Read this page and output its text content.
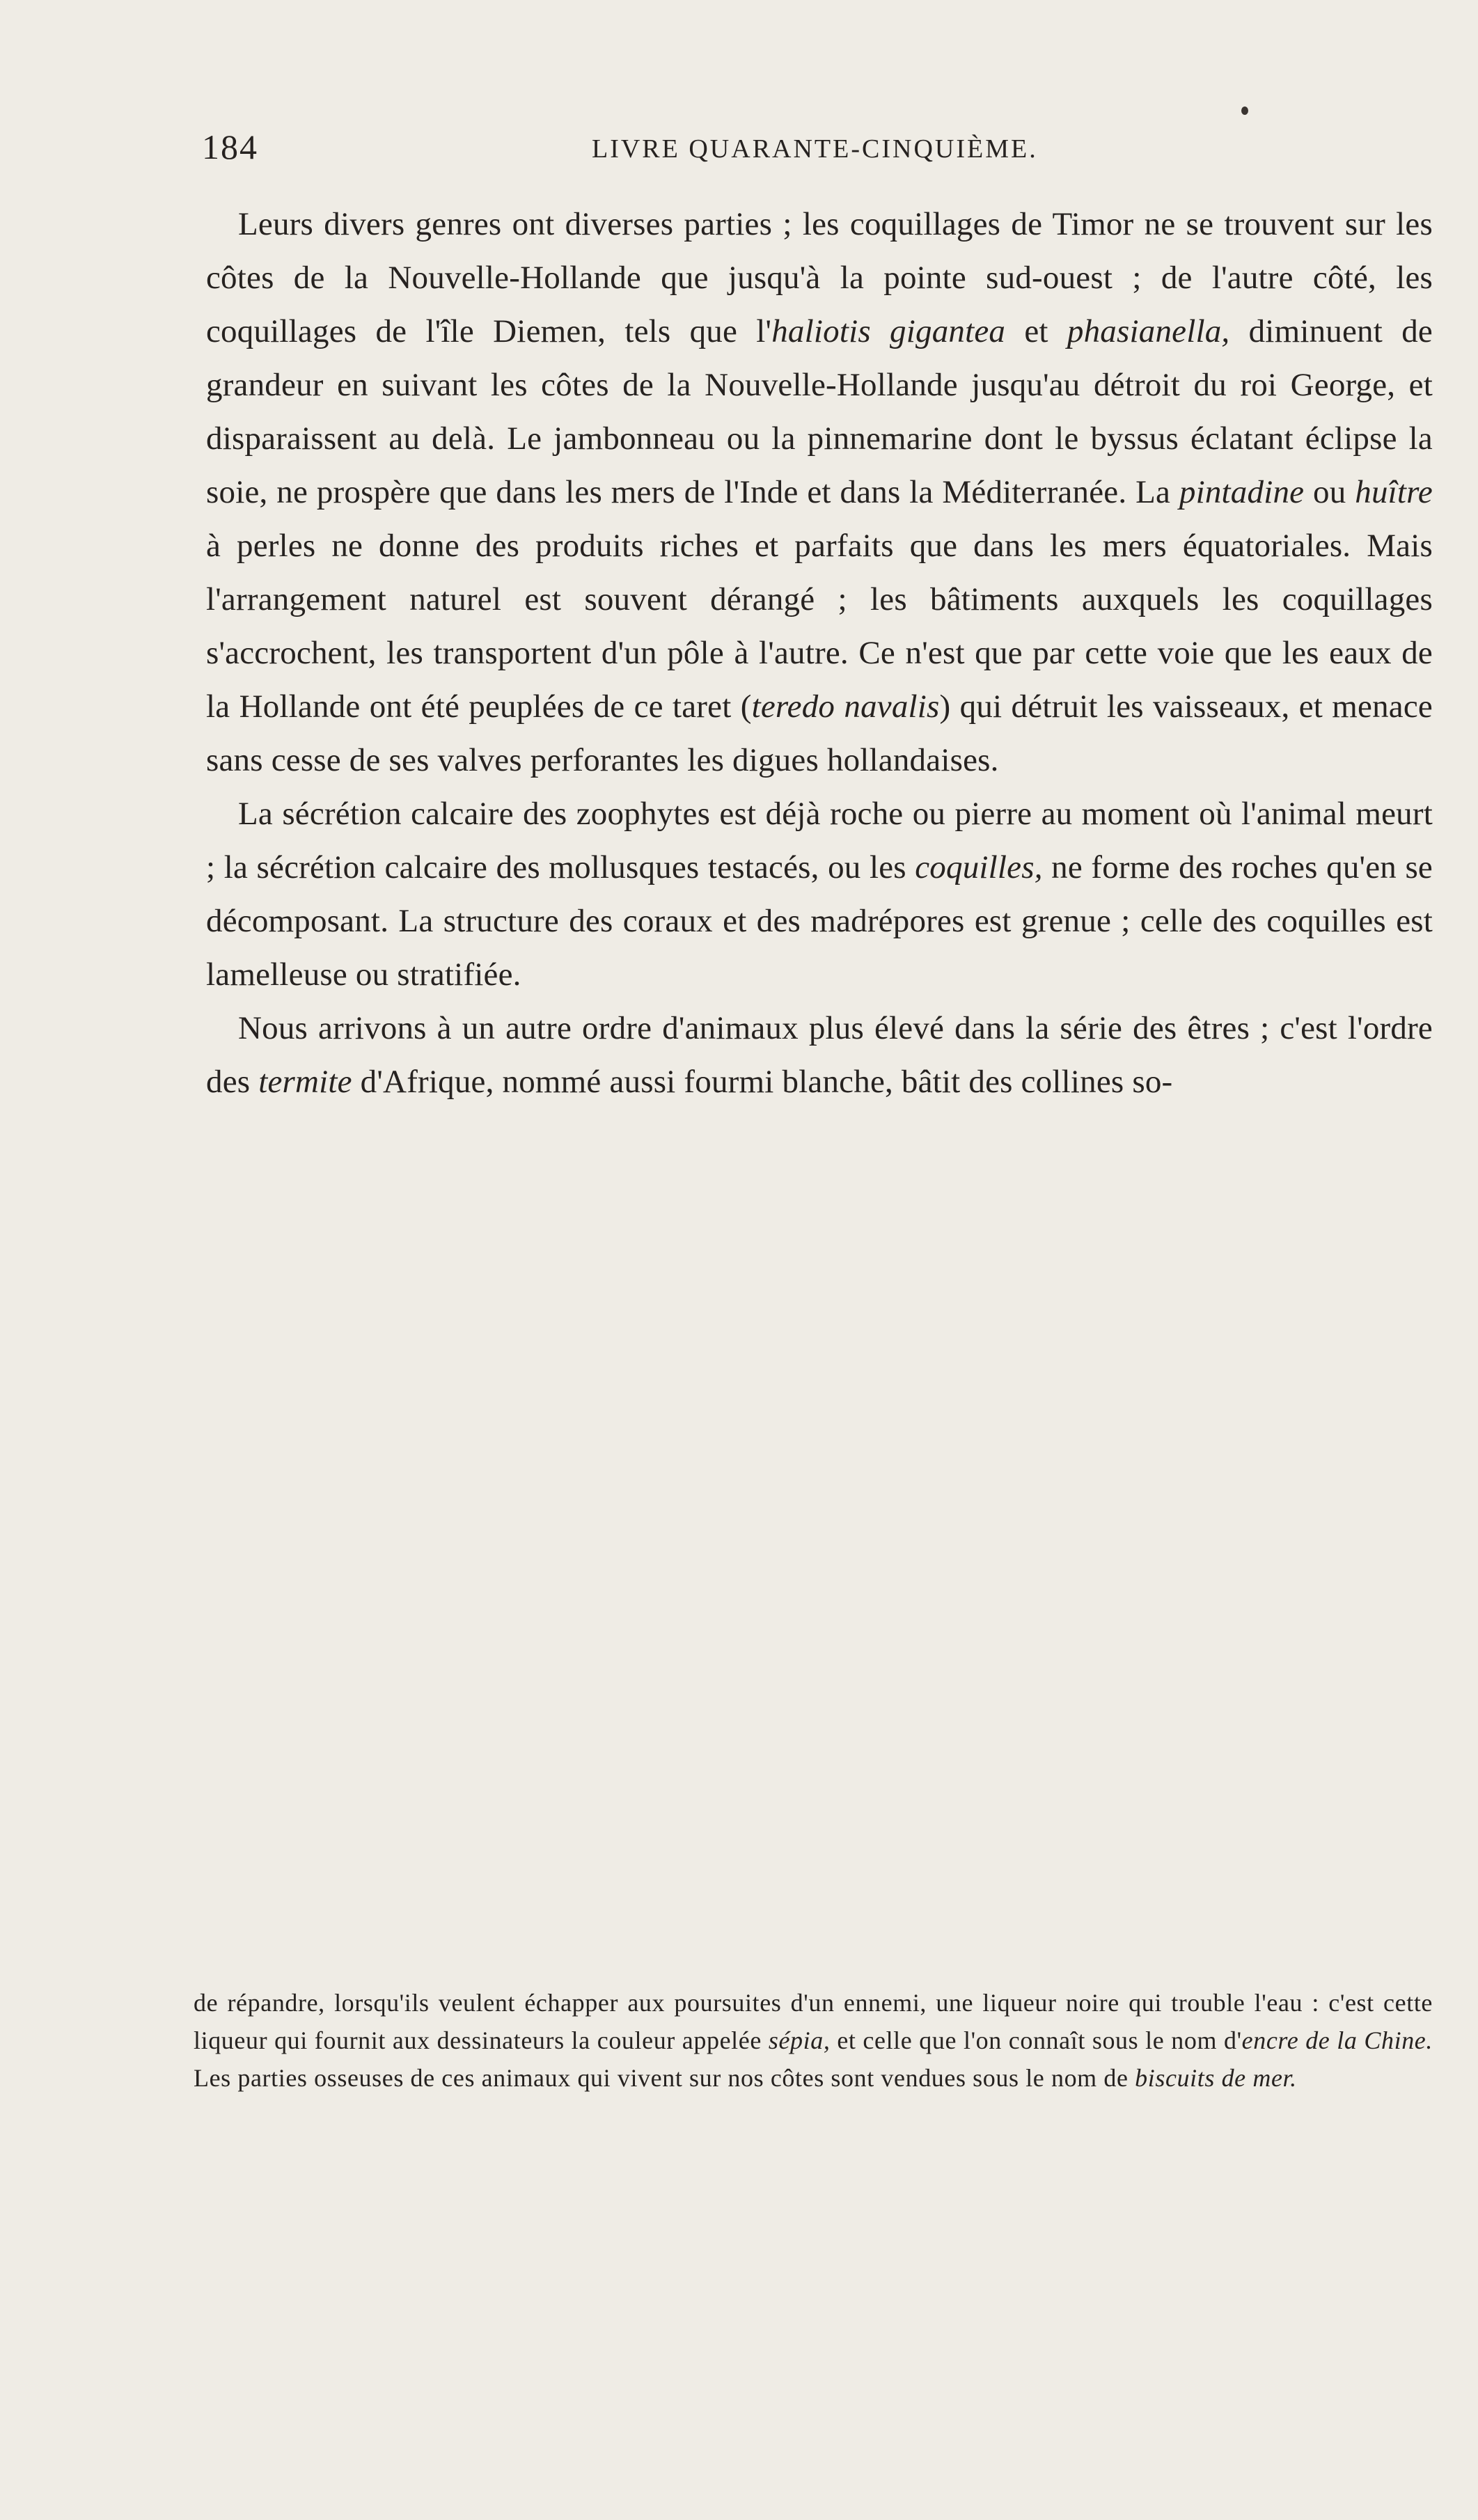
184	LIVRE QUARANTE-CINQUIÈME.

Leurs divers genres ont diverses parties ; les coquillages de Timor ne se trouvent sur les côtes de la Nouvelle-Hollande que jusqu'à la pointe sud-ouest ; de l'autre côté, les coquillages de l'île Diemen, tels que l'haliotis gigantea et phasianella, diminuent de grandeur en suivant les côtes de la Nouvelle-Hollande jusqu'au détroit du roi George, et disparaissent au delà. Le jambonneau ou la pinnemarine dont le byssus éclatant éclipse la soie, ne prospère que dans les mers de l'Inde et dans la Méditerranée. La pintadine ou huître à perles ne donne des produits riches et parfaits que dans les mers équatoriales. Mais l'arrangement naturel est souvent dérangé ; les bâtiments auxquels les coquillages s'accrochent, les transportent d'un pôle à l'autre. Ce n'est que par cette voie que les eaux de la Hollande ont été peuplées de ce taret (teredo navalis) qui détruit les vaisseaux, et menace sans cesse de ses valves perforantes les digues hollandaises.

La sécrétion calcaire des zoophytes est déjà roche ou pierre au moment où l'animal meurt ; la sécrétion calcaire des mollusques testacés, ou les coquilles, ne forme des roches qu'en se décomposant. La structure des coraux et des madrépores est grenue ; celle des coquilles est lamelleuse ou stratifiée.

Nous arrivons à un autre ordre d'animaux plus élevé dans la série des êtres ; c'est l'ordre des termite d'Afrique, nommé aussi fourmi blanche, bâtit des collines so-

de répandre, lorsqu'ils veulent échapper aux poursuites d'un ennemi, une liqueur noire qui trouble l'eau : c'est cette liqueur qui fournit aux dessinateurs la couleur appelée sépia, et celle que l'on connaît sous le nom d'encre de la Chine. Les parties osseuses de ces animaux qui vivent sur nos côtes sont vendues sous le nom de biscuits de mer.
